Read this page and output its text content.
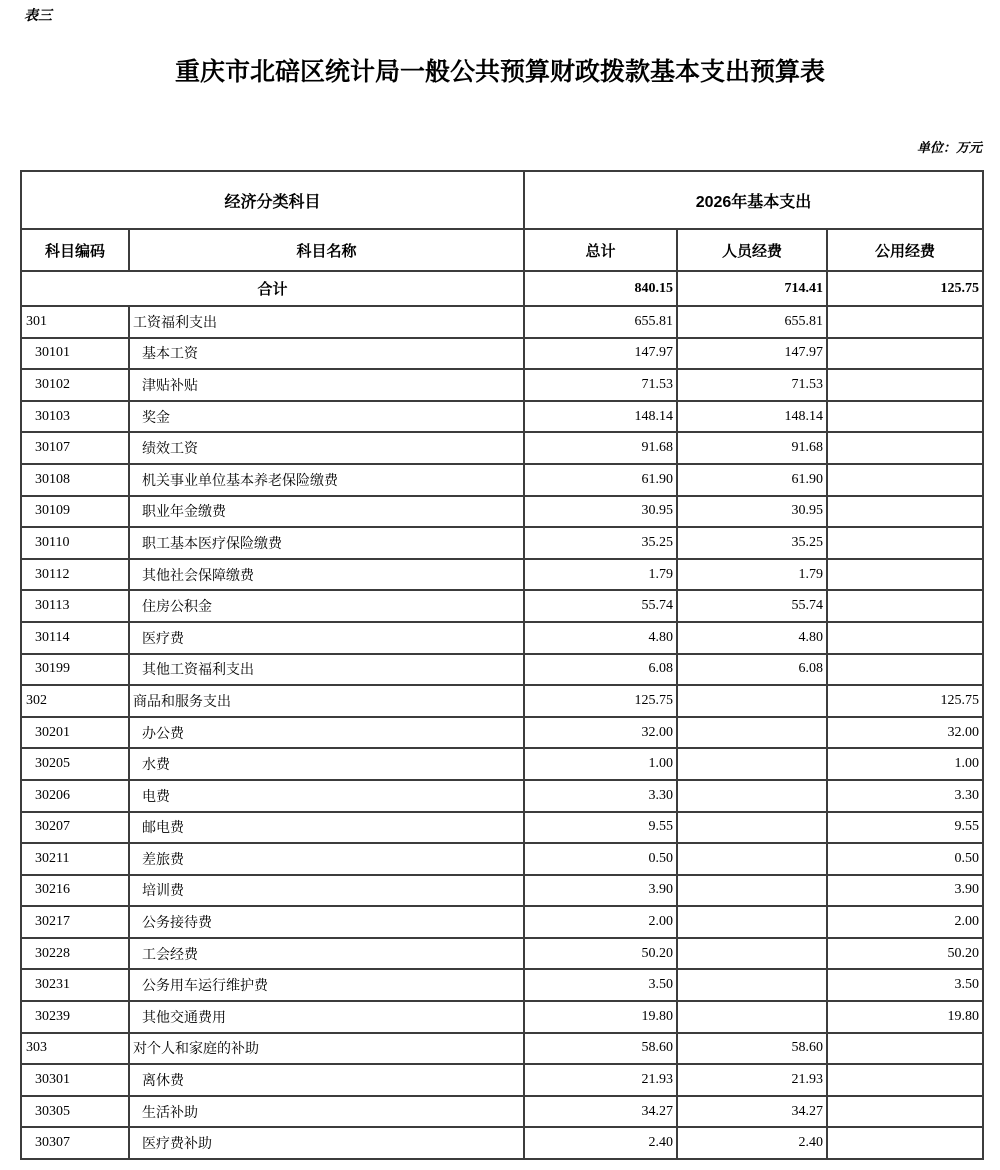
表三
重庆市北碚区统计局一般公共预算财政拨款基本支出预算表
单位：万元
经济分类科目		2026年基本支出		
科目编码	科目名称	总计	人员经费	公用经费
合计		840.15	714.41	125.75
301	工资福利支出	655.81	655.81	
30101	基本工资	147.97	147.97	
30102	津贴补贴	71.53	71.53	
30103	奖金	148.14	148.14	
30107	绩效工资	91.68	91.68	
30108	机关事业单位基本养老保险缴费	61.90	61.90	
30109	职业年金缴费	30.95	30.95	
30110	职工基本医疗保险缴费	35.25	35.25	
30112	其他社会保障缴费	1.79	1.79	
30113	住房公积金	55.74	55.74	
30114	医疗费	4.80	4.80	
30199	其他工资福利支出	6.08	6.08	
302	商品和服务支出	125.75		125.75
30201	办公费	32.00		32.00
30205	水费	1.00		1.00
30206	电费	3.30		3.30
30207	邮电费	9.55		9.55
30211	差旅费	0.50		0.50
30216	培训费	3.90		3.90
30217	公务接待费	2.00		2.00
30228	工会经费	50.20		50.20
30231	公务用车运行维护费	3.50		3.50
30239	其他交通费用	19.80		19.80
303	对个人和家庭的补助	58.60	58.60	
30301	离休费	21.93	21.93	
30305	生活补助	34.27	34.27	
30307	医疗费补助	2.40	2.40	
